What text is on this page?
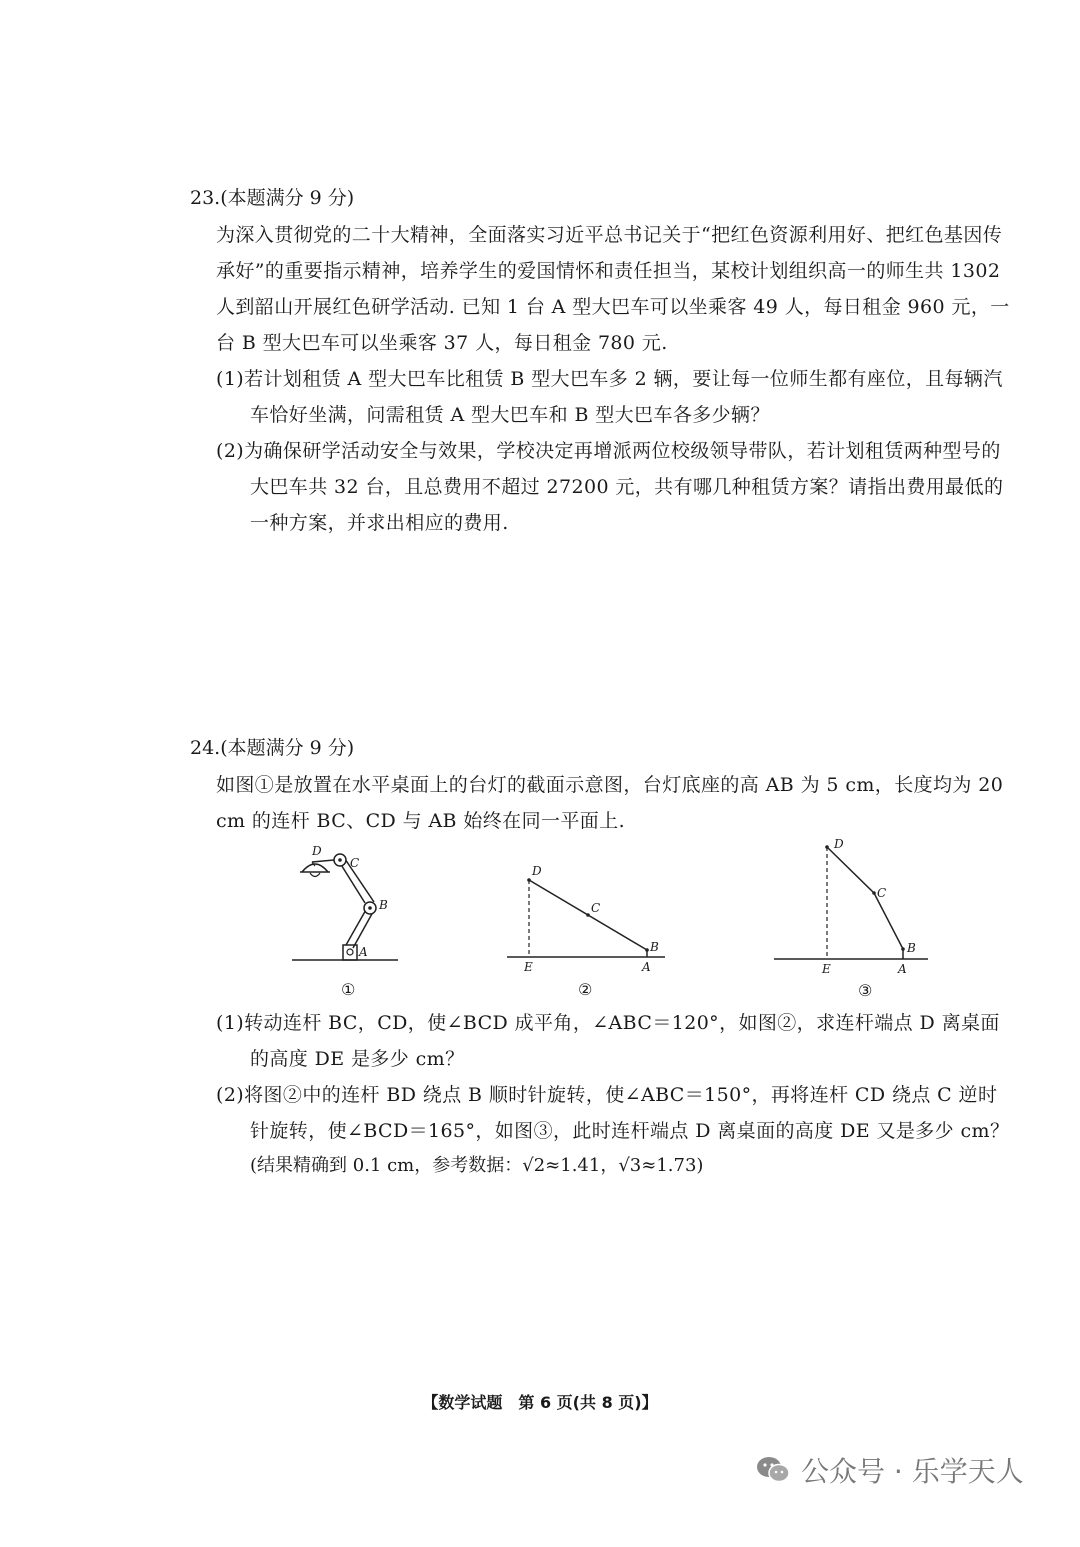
23.(本题满分 9 分)
为深入贯彻党的二十大精神，全面落实习近平总书记关于“把红色资源利用好、把红色基因传承好”的重要指示精神，培养学生的爱国情怀和责任担当，某校计划组织高一的师生共 1302 人到韶山开展红色研学活动. 已知 1 台 A 型大巴车可以坐乘客 49 人，每日租金 960 元，一台 B 型大巴车可以坐乘客 37 人，每日租金 780 元.
(1)若计划租赁 A 型大巴车比租赁 B 型大巴车多 2 辆，要让每一位师生都有座位，且每辆汽车恰好坐满，问需租赁 A 型大巴车和 B 型大巴车各多少辆？
(2)为确保研学活动安全与效果，学校决定再增派两位校级领导带队，若计划租赁两种型号的大巴车共 32 台，且总费用不超过 27200 元，共有哪几种租赁方案？请指出费用最低的一种方案，并求出相应的费用.
24.(本题满分 9 分)
如图①是放置在水平桌面上的台灯的截面示意图，台灯底座的高 AB 为 5 cm，长度均为 20 cm 的连杆 BC、CD 与 AB 始终在同一平面上.
D
C
B
A
①
D
C
B
E	A
②
D
C
B
E	A
③
(1)转动连杆 BC，CD，使∠BCD 成平角，∠ABC＝120°，如图②，求连杆端点 D 离桌面的高度 DE 是多少 cm？
(2)将图②中的连杆 BD 绕点 B 顺时针旋转，使∠ABC＝150°，再将连杆 CD 绕点 C 逆时针旋转，使∠BCD＝165°，如图③，此时连杆端点 D 离桌面的高度 DE 又是多少 cm？
(结果精确到 0.1 cm，参考数据：√2≈1.41，√3≈1.73)
【数学试题　第 6 页(共 8 页)】
公众号 · 乐学天人
